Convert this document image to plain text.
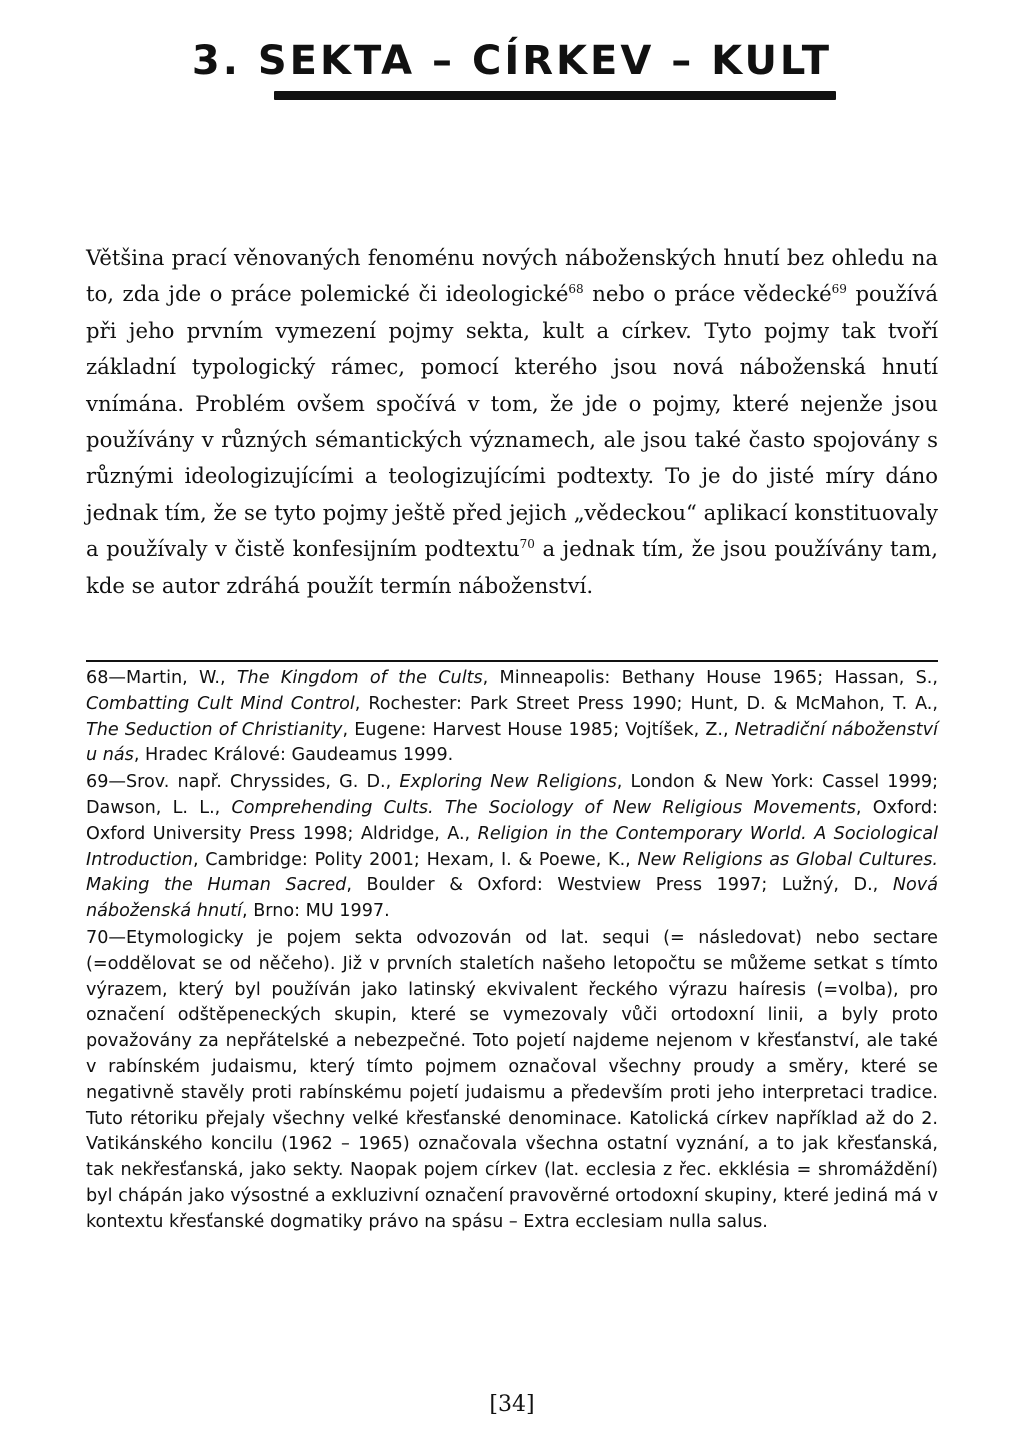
3. SEKTA – CÍRKEV – KULT

Většina prací věnovaných fenoménu nových náboženských hnutí bez ohledu na to, zda jde o práce polemické či ideologické$^{68}$ nebo o práce vědecké$^{69}$ používá při jeho prvním vymezení pojmy sekta, kult a církev. Tyto pojmy tak tvoří základní typologický rámec, pomocí kterého jsou nová náboženská hnutí vnímána. Problém ovšem spočívá v tom, že jde o pojmy, které nejenže jsou používány v různých sémantických významech, ale jsou také často spojovány s různými ideologizujícími a teologizujícími podtexty. To je do jisté míry dáno jednak tím, že se tyto pojmy ještě před jejich „vědeckou“ aplikací konstituovaly a používaly v čistě konfesijním podtextu$^{70}$ a jednak tím, že jsou používány tam, kde se autor zdráhá použít termín náboženství.

68—Martin, W., The Kingdom of the Cults, Minneapolis: Bethany House 1965; Hassan, S., Combatting Cult Mind Control, Rochester: Park Street Press 1990; Hunt, D. & McMahon, T. A., The Seduction of Christianity, Eugene: Harvest House 1985; Vojtíšek, Z., Netradiční náboženství u nás, Hradec Králové: Gaudeamus 1999.

69—Srov. např. Chryssides, G. D., Exploring New Religions, London & New York: Cassel 1999; Dawson, L. L., Comprehending Cults. The Sociology of New Religious Movements, Oxford: Oxford University Press 1998; Aldridge, A., Religion in the Contemporary World. A Sociological Introduction, Cambridge: Polity 2001; Hexam, I. & Poewe, K., New Religions as Global Cultures. Making the Human Sacred, Boulder & Oxford: Westview Press 1997; Lužný, D., Nová náboženská hnutí, Brno: MU 1997.

70—Etymologicky je pojem sekta odvozován od lat. sequi (= následovat) nebo sectare (=oddělovat se od něčeho). Již v prvních staletích našeho letopočtu se můžeme setkat s tímto výrazem, který byl používán jako latinský ekvivalent řeckého výrazu haíresis (=volba), pro označení odštěpeneckých skupin, které se vymezovaly vůči ortodoxní linii, a byly proto považovány za nepřátelské a nebezpečné. Toto pojetí najdeme nejenom v křesťanství, ale také v rabínském judaismu, který tímto pojmem označoval všechny proudy a směry, které se negativně stavěly proti rabínskému pojetí judaismu a především proti jeho interpretaci tradice. Tuto rétoriku přejaly všechny velké křesťanské denominace. Katolická církev například až do 2. Vatikánského koncilu (1962 – 1965) označovala všechna ostatní vyznání, a to jak křesťanská, tak nekřesťanská, jako sekty. Naopak pojem církev (lat. ecclesia z řec. ekklésia = shromáždění) byl chápán jako výsostné a exkluzivní označení pravověrné ortodoxní skupiny, které jediná má v kontextu křesťanské dogmatiky právo na spásu – Extra ecclesiam nulla salus.

[34]
